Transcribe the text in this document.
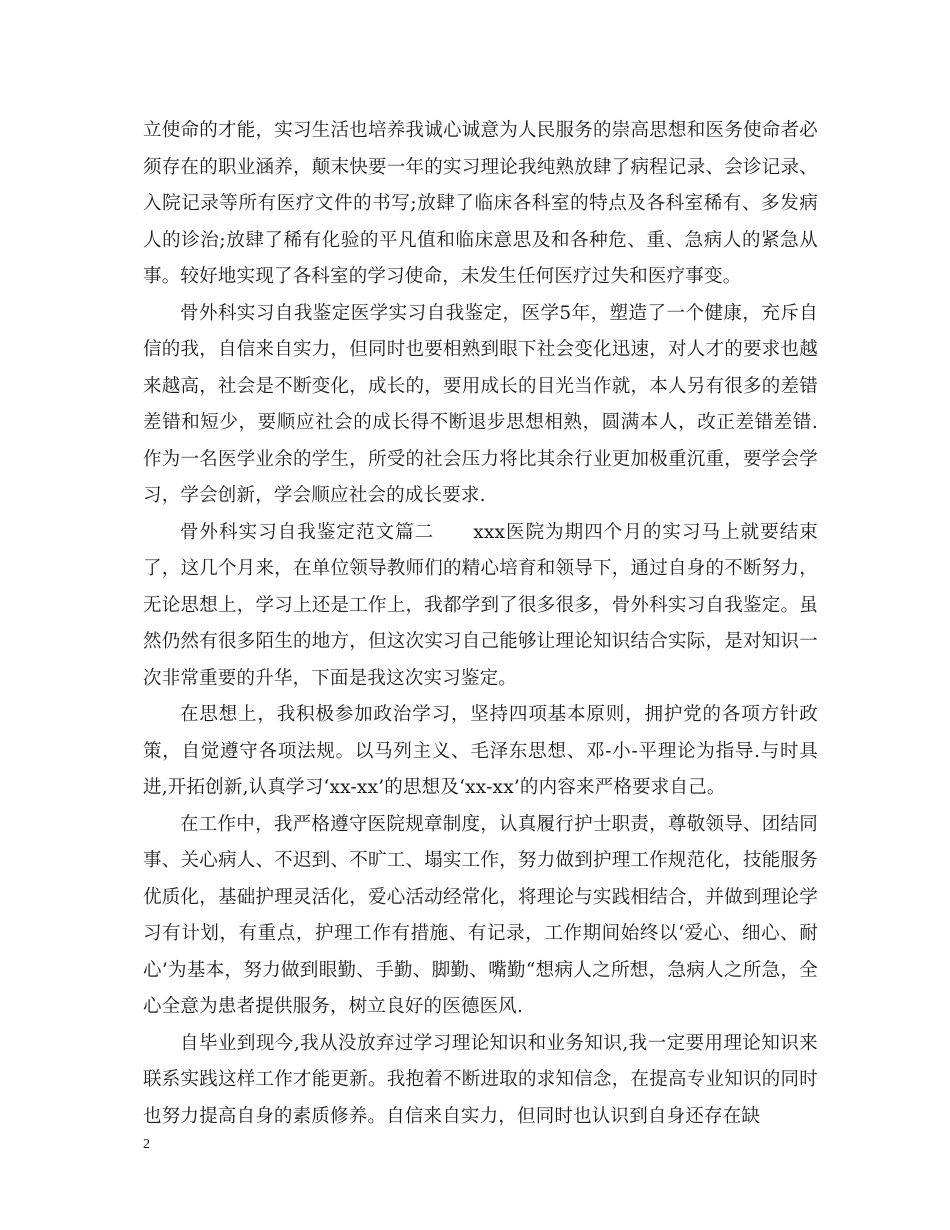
立使命的才能，实习生活也培养我诚心诚意为人民服务的崇高思想和医务使命者必须存在的职业涵养，颠末快要一年的实习理论我纯熟放肆了病程记录、会诊记录、入院记录等所有医疗文件的书写;放肆了临床各科室的特点及各科室稀有、多发病人的诊治;放肆了稀有化验的平凡值和临床意思及和各种危、重、急病人的紧急从事。较好地实现了各科室的学习使命，未发生任何医疗过失和医疗事变。

骨外科实习自我鉴定医学实习自我鉴定，医学5年，塑造了一个健康，充斥自信的我，自信来自实力，但同时也要相熟到眼下社会变化迅速，对人才的要求也越来越高，社会是不断变化，成长的，要用成长的目光当作就，本人另有很多的差错差错和短少，要顺应社会的成长得不断退步思想相熟，圆满本人，改正差错差错.作为一名医学业余的学生，所受的社会压力将比其余行业更加极重沉重，要学会学习，学会创新，学会顺应社会的成长要求.

骨外科实习自我鉴定范文篇二　　xxx医院为期四个月的实习马上就要结束了，这几个月来，在单位领导教师们的精心培育和领导下，通过自身的不断努力，无论思想上，学习上还是工作上，我都学到了很多很多，骨外科实习自我鉴定。虽然仍然有很多陌生的地方，但这次实习自己能够让理论知识结合实际，是对知识一次非常重要的升华，下面是我这次实习鉴定。

在思想上，我积极参加政治学习，坚持四项基本原则，拥护党的各项方针政策，自觉遵守各项法规。以马列主义、毛泽东思想、邓-小-平理论为指导.与时具进,开拓创新,认真学习‘xx-xx’的思想及‘xx-xx’的内容来严格要求自己。

在工作中，我严格遵守医院规章制度，认真履行护士职责，尊敬领导、团结同事、关心病人、不迟到、不旷工、塌实工作，努力做到护理工作规范化，技能服务优质化，基础护理灵活化，爱心活动经常化，将理论与实践相结合，并做到理论学习有计划，有重点，护理工作有措施、有记录，工作期间始终以‘爱心、细心、耐心’为基本，努力做到眼勤、手勤、脚勤、嘴勤“想病人之所想，急病人之所急，全心全意为患者提供服务，树立良好的医德医风.

自毕业到现今,我从没放弃过学习理论知识和业务知识,我一定要用理论知识来联系实践这样工作才能更新。我抱着不断进取的求知信念，在提高专业知识的同时也努力提高自身的素质修养。自信来自实力，但同时也认识到自身还存在缺

2
